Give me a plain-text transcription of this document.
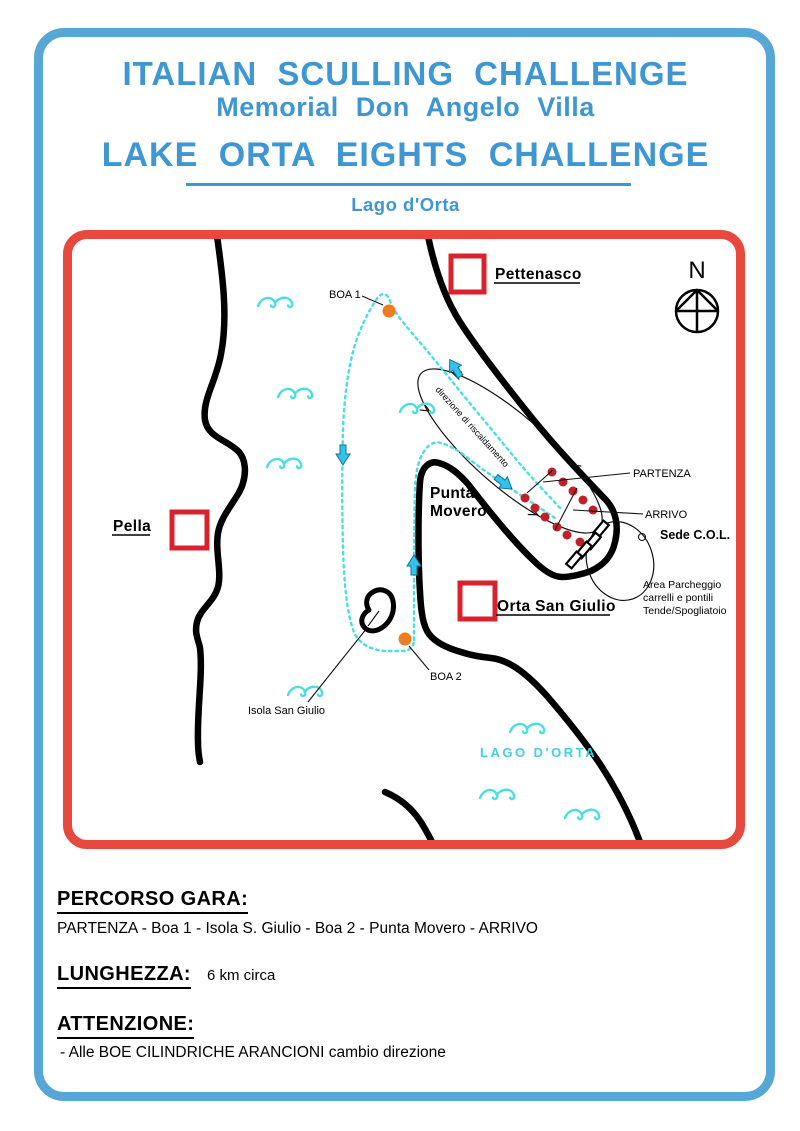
ITALIAN SCULLING CHALLENGE
Memorial Don Angelo Villa
LAKE ORTA EIGHTS CHALLENGE
Lago d'Orta
direzione di riscaldamento
Pettenasco
Pella
Orta San Giulio
Punta
Movero
PARTENZA
ARRIVO
Sede C.O.L.
Area Parcheggio
carrelli e pontili
Tende/Spogliatoio
LAGO D'ORTA
BOA 1
BOA 2
Isola San Giulio
N
PERCORSO GARA:
PARTENZA - Boa 1 - Isola S. Giulio - Boa 2 - Punta Movero - ARRIVO
LUNGHEZZA: 6 km circa
ATTENZIONE:
- Alle BOE CILINDRICHE ARANCIONI cambio direzione
